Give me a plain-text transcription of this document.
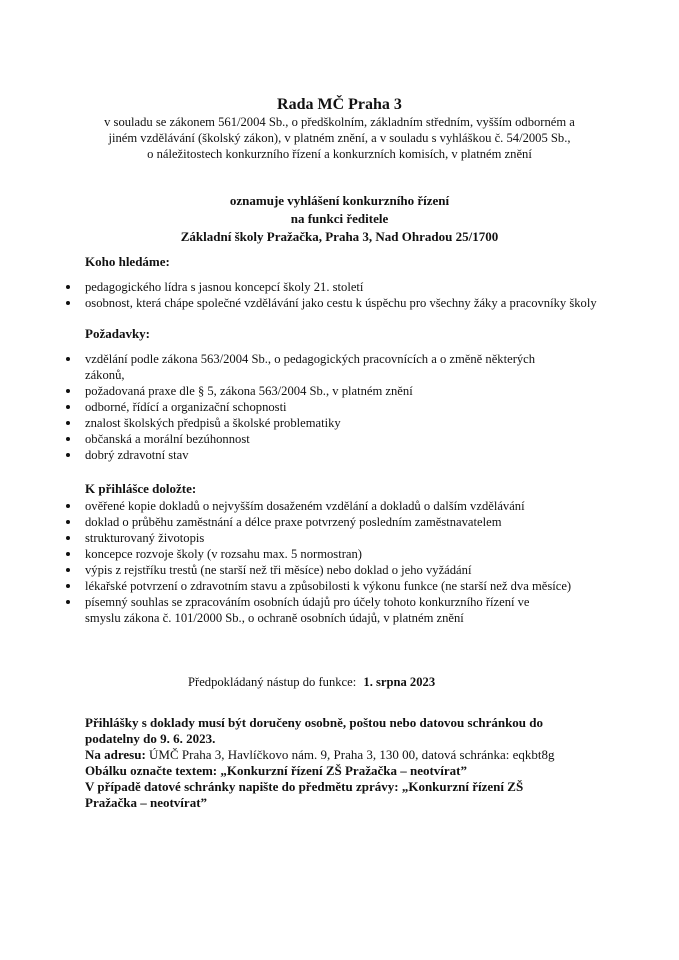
Rada MČ Praha 3
v souladu se zákonem 561/2004 Sb., o předškolním, základním středním, vyšším odborném a
jiném vzdělávání (školský zákon), v platném znění, a v souladu s vyhláškou č. 54/2005 Sb.,
o náležitostech konkurzního řízení a konkurzních komisích, v platném znění
oznamuje vyhlášení konkurzního řízení
na funkci ředitele
Základní školy Pražačka, Praha 3, Nad Ohradou 25/1700
Koho hledáme:
pedagogického lídra s jasnou koncepcí školy 21. století
osobnost, která chápe společné vzdělávání jako cestu k úspěchu pro všechny žáky a pracovníky školy
Požadavky:
vzdělání podle zákona 563/2004 Sb., o pedagogických pracovnících a o změně některých zákonů,
požadovaná praxe dle § 5, zákona 563/2004 Sb., v platném znění
odborné, řídící a organizační schopnosti
znalost školských předpisů a školské problematiky
občanská a morální bezúhonnost
dobrý zdravotní stav
K přihlášce doložte:
ověřené kopie dokladů o nejvyšším dosaženém vzdělání a dokladů o dalším vzdělávání
doklad o průběhu zaměstnání a délce praxe potvrzený posledním zaměstnavatelem
strukturovaný životopis
koncepce rozvoje školy (v rozsahu max. 5 normostran)
výpis z rejstříku trestů (ne starší než tři měsíce) nebo doklad o jeho vyžádání
lékařské potvrzení o zdravotním stavu a způsobilosti k výkonu funkce (ne starší než dva měsíce)
písemný souhlas se zpracováním osobních údajů pro účely tohoto konkurzního řízení ve smyslu zákona č. 101/2000 Sb., o ochraně osobních údajů, v platném znění
Předpokládaný nástup do funkce: 1. srpna 2023
Přihlášky s doklady musí být doručeny osobně, poštou nebo datovou schránkou do podatelny do 9. 6. 2023.
Na adresu: ÚMČ Praha 3, Havlíčkovo nám. 9, Praha 3, 130 00, datová schránka: eqkbt8g
Obálku označte textem: „Konkurzní řízení ZŠ Pražačka – neotvírat”
V případě datové schránky napište do předmětu zprávy: „Konkurzní řízení ZŠ Pražačka – neotvírat”
